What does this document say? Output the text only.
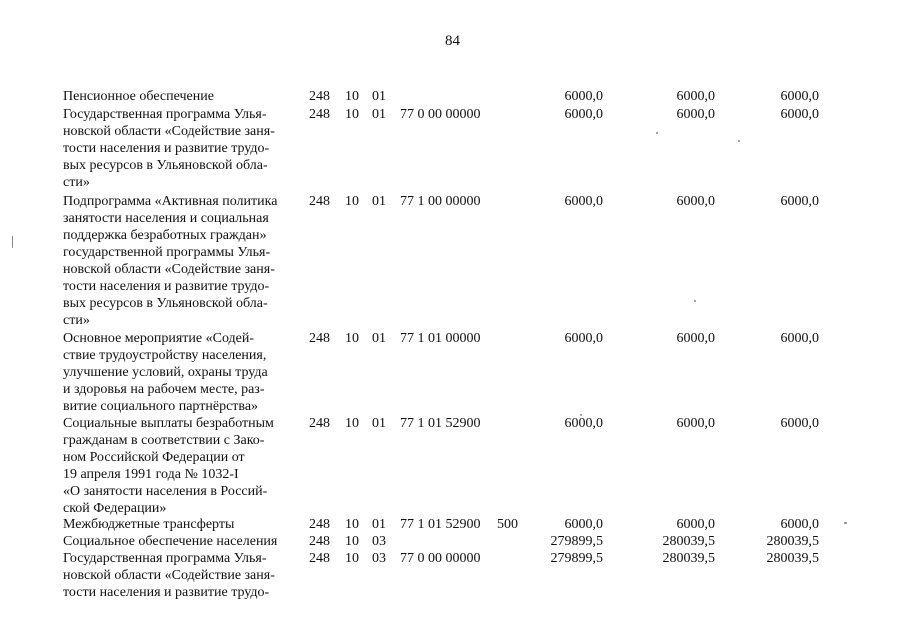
84
Пенсионное обеспечение	248 10 01	6000,0	6000,0	6000,0
Государственная программа Улья-
новской области «Содействие заня-
тости населения и развитие трудо-
вых ресурсов в Ульяновской обла-
сти»
248 10 01 77 0 00 00000	6000,0	6000,0	6000,0
Подпрограмма «Активная политика
занятости населения и социальная
поддержка безработных граждан»
государственной программы Улья-
новской области «Содействие заня-
тости населения и развитие трудо-
вых ресурсов в Ульяновской обла-
сти»
248 10 01 77 1 00 00000	6000,0	6000,0	6000,0
Основное мероприятие «Содей-
ствие трудоустройству населения,
улучшение условий, охраны труда
и здоровья на рабочем месте, раз-
витие социального партнёрства»
248 10 01 77 1 01 00000	6000,0	6000,0	6000,0
Социальные выплаты безработным
гражданам в соответствии с Зако-
ном Российской Федерации от
19 апреля 1991 года № 1032-I
«О занятости населения в Россий-
ской Федерации»
248 10 01 77 1 01 52900	6000,0	6000,0	6000,0
Межбюджетные трансферты	248 10 01 77 1 01 52900 500	6000,0	6000,0	6000,0
Социальное обеспечение населения	248 10 03	279899,5	280039,5	280039,5
Государственная программа Улья-
новской области «Содействие заня-
тости населения и развитие трудо-
248 10 03 77 0 00 00000	279899,5	280039,5	280039,5
